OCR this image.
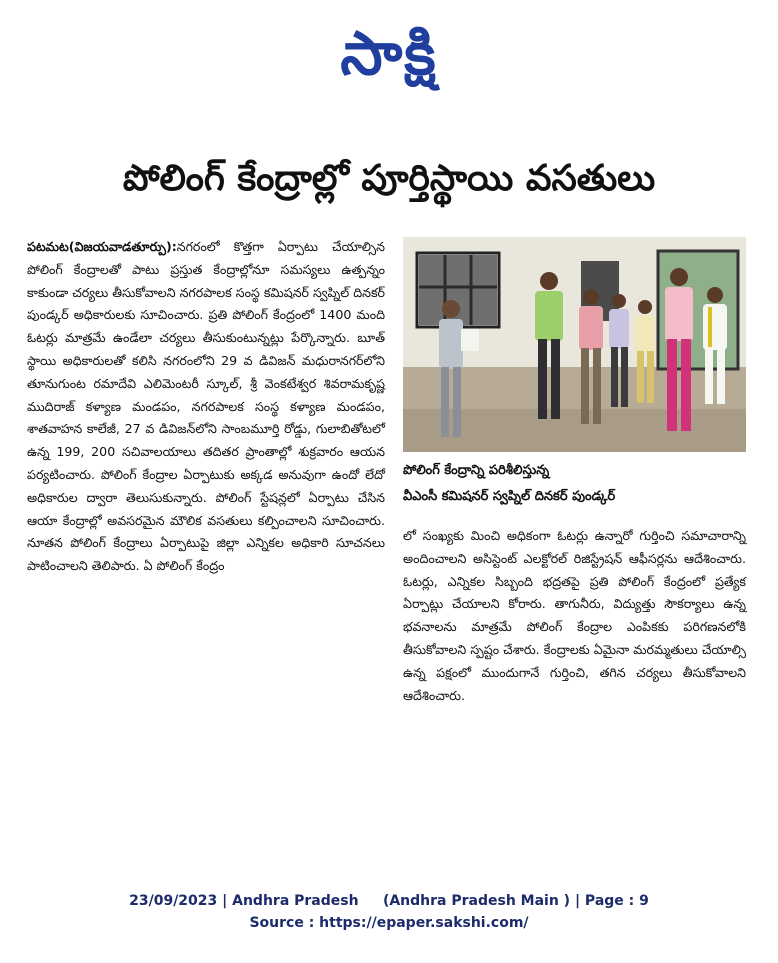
సాక్షి
పోలింగ్ కేంద్రాల్లో పూర్తిస్థాయి వసతులు
పటమట(విజయవాడతూర్పు):నగరంలో కొత్తగా ఏర్పాటు చేయాల్సిన పోలింగ్ కేంద్రాలతో పాటు ప్రస్తుత కేంద్రాల్లోనూ సమస్యలు ఉత్పన్నం కాకుండా చర్యలు తీసుకోవాలని నగరపాలక సంస్థ కమిషనర్ స్వప్నిల్ దినకర్ పుండ్కర్ అధికారులకు సూచించారు. ప్రతి పోలింగ్ కేంద్రంలో 1400 మంది ఓటర్లు మాత్రమే ఉండేలా చర్యలు తీసుకుంటున్నట్లు పేర్కొన్నారు. బూత్ స్థాయి అధికారులతో కలిసి నగరంలోని 29 వ డివిజన్ మధురానగర్‌లోని తూనుగుంట రమాదేవి ఎలిమెంటరీ స్కూల్, శ్రీ వెంకటేశ్వర శివరామకృష్ణ ముదిరాజ్ కళ్యాణ మండపం, నగరపాలక సంస్థ కళ్యాణ మండపం, శాతవాహన కాలేజీ, 27 వ డివిజన్‌లోని సాంబమూర్తి రోడ్డు, గులాబితోటలో ఉన్న 199, 200 సచివాలయాలు తదితర ప్రాంతాల్లో శుక్రవారం ఆయన పర్యటించారు. పోలింగ్ కేంద్రాల ఏర్పాటుకు అక్కడ అనువుగా ఉందో లేదో అధికారుల ద్వారా తెలుసుకున్నారు. పోలింగ్ స్టేషన్లలో ఏర్పాటు చేసిన ఆయా కేంద్రాల్లో అవసరమైన మౌలిక వసతులు కల్పించాలని సూచించారు. నూతన పోలింగ్ కేంద్రాలు ఏర్పాటుపై జిల్లా ఎన్నికల అధికారి సూచనలు పాటించాలని తెలిపారు. ఏ పోలింగ్ కేంద్రం
పోలింగ్ కేంద్రాన్ని పరిశీలిస్తున్న
వీఎంసీ కమిషనర్ స్వప్నిల్ దినకర్ పుండ్కర్
లో సంఖ్యకు మించి అధికంగా ఓటర్లు ఉన్నారో గుర్తించి సమాచారాన్ని అందించాలని అసిస్టెంట్ ఎలక్టోరల్ రిజిస్ట్రేషన్ ఆఫీసర్లను ఆదేశించారు. ఓటర్లు, ఎన్నికల సిబ్బంది భద్రతపై ప్రతి పోలింగ్ కేంద్రంలో ప్రత్యేక ఏర్పాట్లు చేయాలని కోరారు. తాగునీరు, విద్యుత్తు సౌకర్యాలు ఉన్న భవనాలను మాత్రమే పోలింగ్ కేంద్రాల ఎంపికకు పరిగణనలోకి తీసుకోవాలని స్పష్టం చేశారు. కేంద్రాలకు ఏమైనా మరమ్మతులు చేయాల్సి ఉన్న పక్షంలో ముందుగానే గుర్తించి, తగిన చర్యలు తీసుకోవాలని ఆదేశించారు.
23/09/2023 | Andhra Pradesh     (Andhra Pradesh Main ) | Page : 9
Source : https://epaper.sakshi.com/
